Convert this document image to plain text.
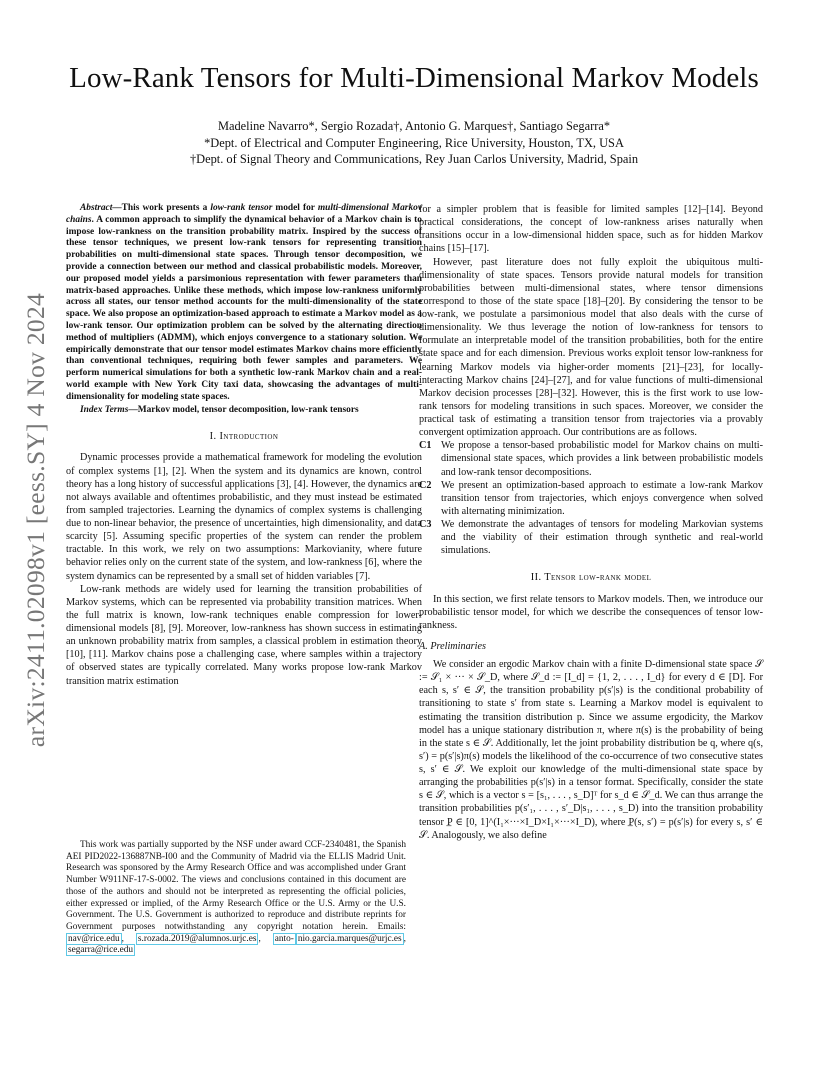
arXiv:2411.02098v1 [eess.SY] 4 Nov 2024
Low-Rank Tensors for Multi-Dimensional Markov Models
Madeline Navarro*, Sergio Rozada†, Antonio G. Marques†, Santiago Segarra*
*Dept. of Electrical and Computer Engineering, Rice University, Houston, TX, USA
†Dept. of Signal Theory and Communications, Rey Juan Carlos University, Madrid, Spain

Abstract—This work presents a low-rank tensor model for multi-dimensional Markov chains. A common approach to simplify the dynamical behavior of a Markov chain is to impose low-rankness on the transition probability matrix. Inspired by the success of these tensor techniques, we present low-rank tensors for representing transition probabilities on multi-dimensional state spaces. Through tensor decomposition, we provide a connection between our method and classical probabilistic models. Moreover, our proposed model yields a parsimonious representation with fewer parameters than matrix-based approaches. Unlike these methods, which impose low-rankness uniformly across all states, our tensor method accounts for the multi-dimensionality of the state space. We also propose an optimization-based approach to estimate a Markov model as a low-rank tensor. Our optimization problem can be solved by the alternating direction method of multipliers (ADMM), which enjoys convergence to a stationary solution. We empirically demonstrate that our tensor model estimates Markov chains more efficiently than conventional techniques, requiring both fewer samples and parameters. We perform numerical simulations for both a synthetic low-rank Markov chain and a real-world example with New York City taxi data, showcasing the advantages of multi-dimensionality for modeling state spaces.

Index Terms—Markov model, tensor decomposition, low-rank tensors

I. Introduction

Dynamic processes provide a mathematical framework for modeling the evolution of complex systems [1], [2]. When the system and its dynamics are known, control theory has a long history of successful applications [3], [4]. However, the dynamics are not always available and oftentimes probabilistic, and they must instead be estimated from sampled trajectories. Learning the dynamics of complex systems is challenging due to non-linear behavior, the presence of uncertainties, high dimensionality, and data scarcity [5]. Assuming specific properties of the system can render the problem tractable. In this work, we rely on two assumptions: Markovianity, where future behavior relies only on the current state of the system, and low-rankness [6], where the system dynamics can be represented by a small set of hidden variables [7].

Low-rank methods are widely used for learning the transition probabilities of Markov systems, which can be represented via probability transition matrices. When the full matrix is known, low-rank techniques enable compression for lower-dimensional models [8], [9]. Moreover, low-rankness has shown success in estimating an unknown probability matrix from samples, a classical problem in estimation theory [10], [11]. Markov chains pose a challenging case, where samples within a trajectory of observed states are typically correlated. Many works propose low-rank Markov transition matrix estimation

This work was partially supported by the NSF under award CCF-2340481, the Spanish AEI PID2022-136887NB-I00 and the Community of Madrid via the ELLIS Madrid Unit. Research was sponsored by the Army Research Office and was accomplished under Grant Number W911NF-17-S-0002. The views and conclusions contained in this document are those of the authors and should not be interpreted as representing the official policies, either expressed or implied, of the Army Research Office or the U.S. Army or the U.S. Government. The U.S. Government is authorized to reproduce and distribute reprints for Government purposes notwithstanding any copyright notation herein. Emails: nav@rice.edu , s.rozada.2019@alumnos.urjc.es , anto- nio.garcia.marques@urjc.es , segarra@rice.edu

for a simpler problem that is feasible for limited samples [12]–[14]. Beyond practical considerations, the concept of low-rankness arises naturally when transitions occur in a low-dimensional hidden space, such as for hidden Markov chains [15]–[17].

However, past literature does not fully exploit the ubiquitous multi-dimensionality of state spaces. Tensors provide natural models for transition probabilities between multi-dimensional states, where tensor dimensions correspond to those of the state space [18]–[20]. By considering the tensor to be low-rank, we postulate a parsimonious model that also deals with the curse of dimensionality. We thus leverage the notion of low-rankness for tensors to formulate an interpretable model of the transition probabilities, both for the entire state space and for each dimension. Previous works exploit tensor low-rankness for learning Markov models via higher-order moments [21]–[23], for locally-interacting Markov chains [24]–[27], and for value functions of multi-dimensional Markov decision processes [28]–[32]. However, this is the first work to use low-rank tensors for modeling transitions in such spaces. Moreover, we consider the practical task of estimating a transition tensor from trajectories via a provably convergent optimization approach. Our contributions are as follows.

C1 We propose a tensor-based probabilistic model for Markov chains on multi-dimensional state spaces, which provides a link between probabilistic models and low-rank tensor decompositions.
C2 We present an optimization-based approach to estimate a low-rank Markov transition tensor from trajectories, which enjoys convergence when solved with alternating minimization.
C3 We demonstrate the advantages of tensors for modeling Markovian systems and the viability of their estimation through synthetic and real-world simulations.
II. Tensor low-rank model

In this section, we first relate tensors to Markov models. Then, we introduce our probabilistic tensor model, for which we describe the consequences of tensor low-rankness.

A. Preliminaries

We consider an ergodic Markov chain with a finite D-dimensional state space 𝒮 := 𝒮₁ × ··· × 𝒮_D, where 𝒮_d := [I_d] = {1, 2, . . . , I_d} for every d ∈ [D]. For each s, s′ ∈ 𝒮, the transition probability p(s′|s) is the conditional probability of transitioning to state s′ from state s. Learning a Markov model is equivalent to estimating the transition distribution p. Since we assume ergodicity, the Markov model has a unique stationary distribution π, where π(s) is the probability of being in the state s ∈ 𝒮. Additionally, let the joint probability distribution be q, where q(s, s′) = p(s′|s)π(s) models the likelihood of the co-occurrence of two consecutive states s, s′ ∈ 𝒮. We exploit our knowledge of the multi-dimensional state space by arranging the probabilities p(s′|s) in a tensor format. Specifically, consider the state s ∈ 𝒮, which is a vector s = [s₁, . . . , s_D]ᵀ for s_d ∈ 𝒮_d. We can thus arrange the transition probabilities p(s′₁, . . . , s′_D|s₁, . . . , s_D) into the transition probability tensor P̲ ∈ [0, 1]^(I₁×···×I_D×I₁×···×I_D), where P̲(s, s′) = p(s′|s) for every s, s′ ∈ 𝒮. Analogously, we also define
